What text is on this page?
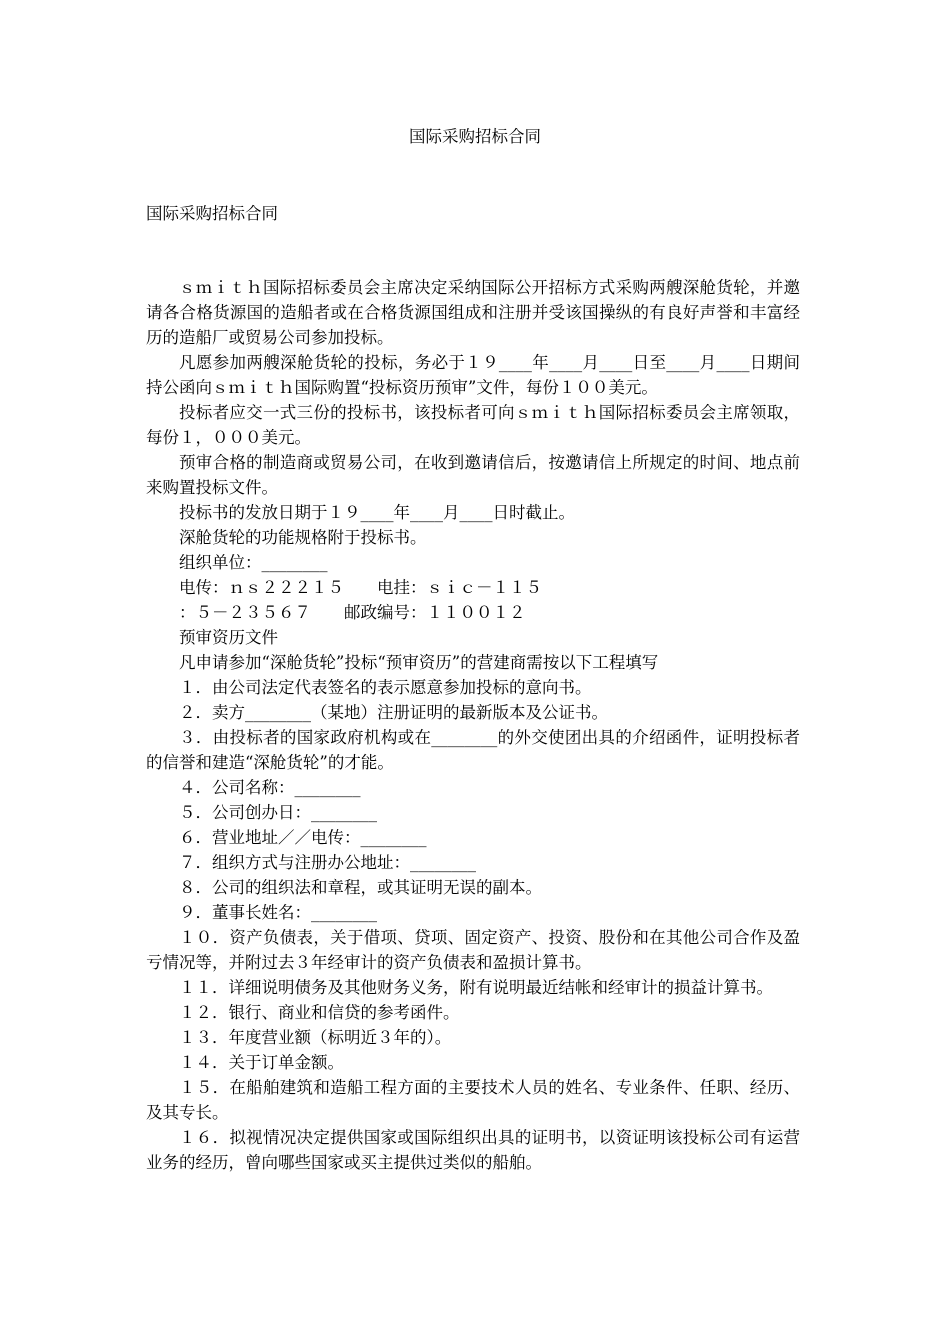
国际采购招标合同
国际采购招标合同

ｓｍｉｔｈ国际招标委员会主席决定采纳国际公开招标方式采购两艘深舱货轮，并邀请各合格货源国的造船者或在合格货源国组成和注册并受该国操纵的有良好声誉和丰富经历的造船厂或贸易公司参加投标。

凡愿参加两艘深舱货轮的投标，务必于１９____年____月____日至____月____日期间持公函向ｓｍｉｔｈ国际购置“投标资历预审”文件，每份１００美元。

投标者应交一式三份的投标书，该投标者可向ｓｍｉｔｈ国际招标委员会主席领取，每份１，０００美元。

预审合格的制造商或贸易公司，在收到邀请信后，按邀请信上所规定的时间、地点前来购置投标文件。

投标书的发放日期于１９____年____月____日时截止。

深舱货轮的功能规格附于投标书。

组织单位：________

电传：ｎｓ２２２１５　　电挂：ｓｉｃ－１１５

：５－２３５６７　　邮政编号：１１００１２

预审资历文件

凡申请参加“深舱货轮”投标“预审资历”的营建商需按以下工程填写

１．由公司法定代表签名的表示愿意参加投标的意向书。

２．卖方________（某地）注册证明的最新版本及公证书。

３．由投标者的国家政府机构或在________的外交使团出具的介绍函件，证明投标者的信誉和建造“深舱货轮”的才能。

４．公司名称：________

５．公司创办日：________

６．营业地址／／电传：________

７．组织方式与注册办公地址：________

８．公司的组织法和章程，或其证明无误的副本。

９．董事长姓名：________

１０．资产负债表，关于借项、贷项、固定资产、投资、股份和在其他公司合作及盈亏情况等，并附过去３年经审计的资产负债表和盈损计算书。

１１．详细说明债务及其他财务义务，附有说明最近结帐和经审计的损益计算书。

１２．银行、商业和信贷的参考函件。

１３．年度营业额（标明近３年的）。

１４．关于订单金额。

１５．在船舶建筑和造船工程方面的主要技术人员的姓名、专业条件、任职、经历、及其专长。

１６．拟视情况决定提供国家或国际组织出具的证明书，以资证明该投标公司有运营业务的经历，曾向哪些国家或买主提供过类似的船舶。
